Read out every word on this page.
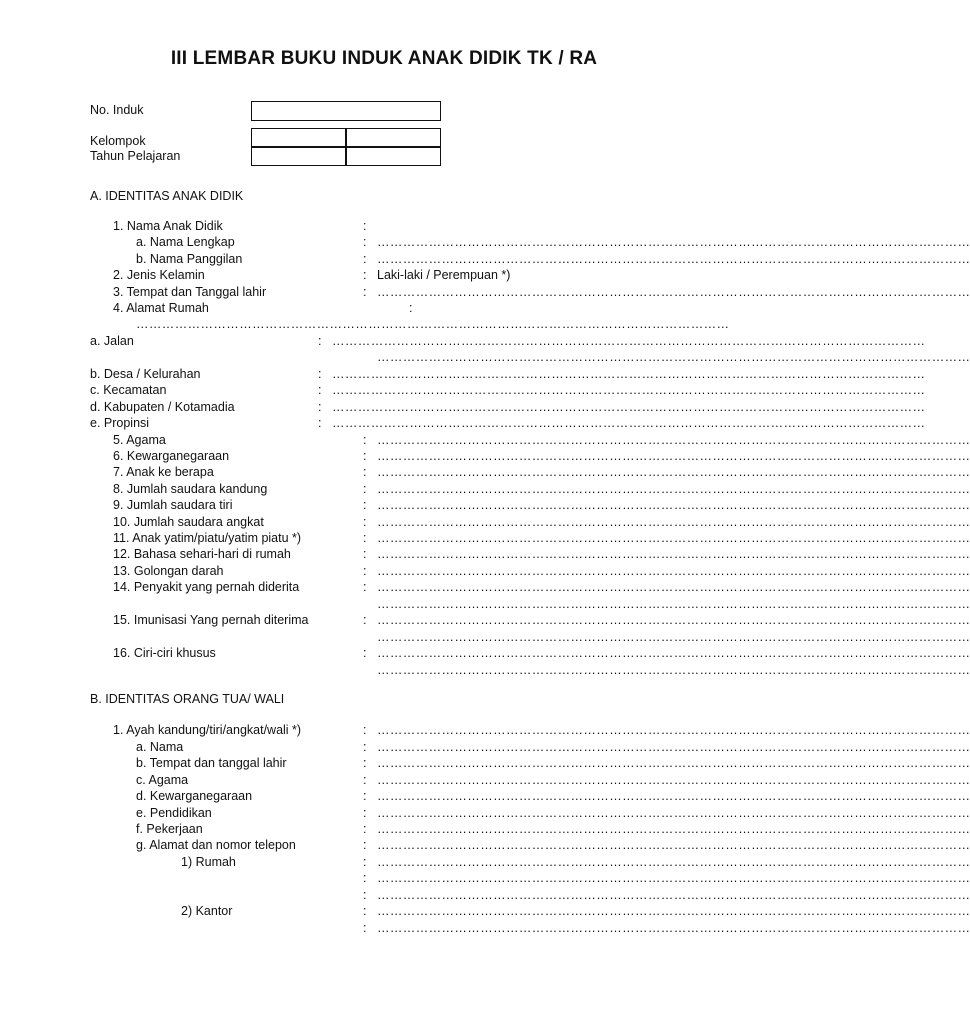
III LEMBAR BUKU INDUK ANAK DIDIK TK / RA
No. Induk
Kelompok
Tahun Pelajaran
A. IDENTITAS ANAK DIDIK
1. Nama Anak Didik	:
a. Nama Lengkap	: …………………………………………………………………………………………………………………………
b. Nama Panggilan	: …………………………………………………………………………………………………………………………
2. Jenis Kelamin	: Laki-laki / Perempuan *)
3. Tempat dan Tanggal lahir	: …………………………………………………………………………………………………………………………
4. Alamat Rumah	:
…………………………………………………………………………………………………………………………
a. Jalan	: …………………………………………………………………………………………………………………………
…………………………………………………………………………………………………………………………
b. Desa / Kelurahan	: …………………………………………………………………………………………………………………………
c. Kecamatan	: …………………………………………………………………………………………………………………………
d. Kabupaten / Kotamadia	: …………………………………………………………………………………………………………………………
e. Propinsi	: …………………………………………………………………………………………………………………………
5. Agama	: …………………………………………………………………………………………………………………………
6. Kewarganegaraan	: …………………………………………………………………………………………………………………………
7. Anak ke berapa	: …………………………………………………………………………………………………………………………
8. Jumlah saudara kandung	: …………………………………………………………………………………………………………………………
9. Jumlah saudara tiri	: …………………………………………………………………………………………………………………………
10. Jumlah saudara angkat	: …………………………………………………………………………………………………………………………
11. Anak yatim/piatu/yatim piatu *)	: …………………………………………………………………………………………………………………………
12. Bahasa sehari-hari di rumah	: …………………………………………………………………………………………………………………………
13. Golongan darah	: …………………………………………………………………………………………………………………………
14. Penyakit yang pernah diderita	: …………………………………………………………………………………………………………………………
…………………………………………………………………………………………………………………………
15. Imunisasi Yang pernah diterima	: …………………………………………………………………………………………………………………………
…………………………………………………………………………………………………………………………
16. Ciri-ciri khusus	: …………………………………………………………………………………………………………………………
…………………………………………………………………………………………………………………………
B. IDENTITAS ORANG TUA/ WALI
1. Ayah kandung/tiri/angkat/wali *)	: …………………………………………………………………………………………………………………………
a. Nama	: …………………………………………………………………………………………………………………………
b. Tempat dan tanggal lahir	: …………………………………………………………………………………………………………………………
c. Agama	: …………………………………………………………………………………………………………………………
d. Kewarganegaraan	: …………………………………………………………………………………………………………………………
e. Pendidikan	: …………………………………………………………………………………………………………………………
f. Pekerjaan	: …………………………………………………………………………………………………………………………
g. Alamat dan nomor telepon	: …………………………………………………………………………………………………………………………
1) Rumah	: …………………………………………………………………………………………………………………………
: …………………………………………………………………………………………………………………………
: …………………………………………………………………………………………………………………………
2) Kantor	: …………………………………………………………………………………………………………………………
: …………………………………………………………………………………………………………………………
